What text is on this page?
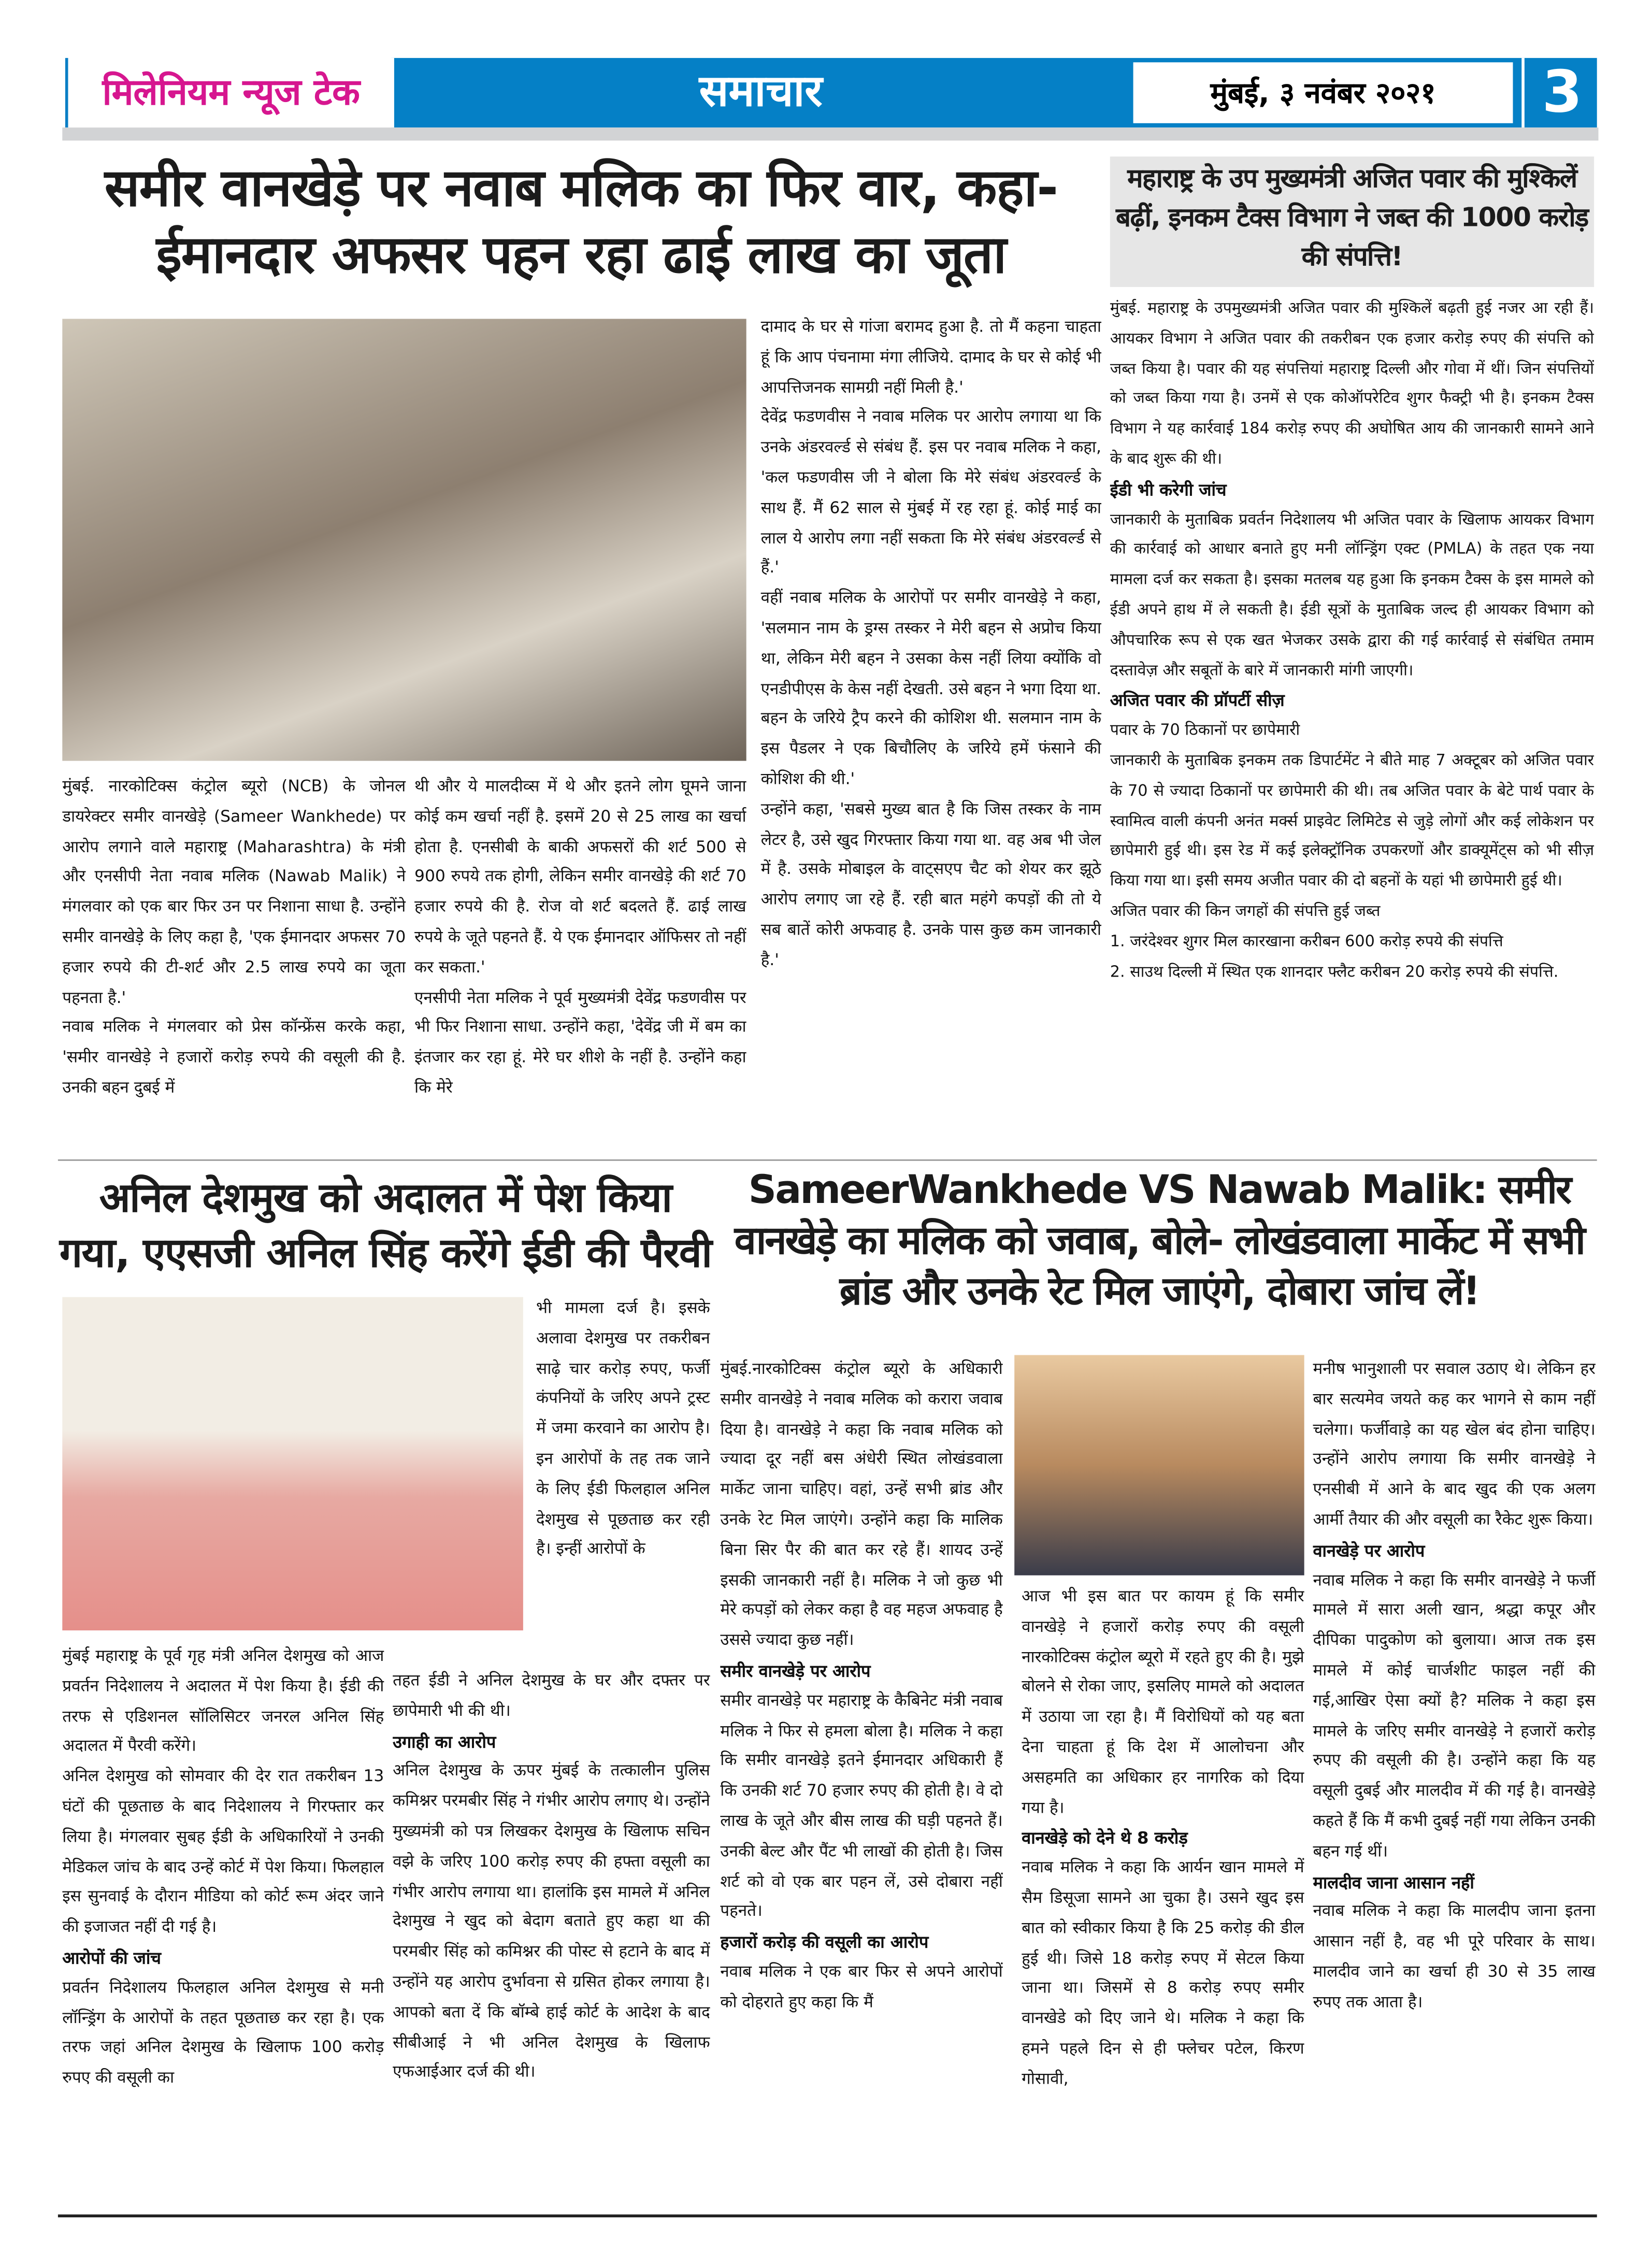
मिलेनियम न्यूज टेक	समाचार	मुंबई, ३ नवंबर २०२१	3

मुंबई. नारकोटिक्स कंट्रोल ब्यूरो (NCB) के जोनल डायरेक्टर समीर वानखेड़े (Sameer Wankhede) पर आरोप लगाने वाले महाराष्ट्र (Maharashtra) के मंत्री और एनसीपी नेता नवाब मलिक (Nawab Malik) ने मंगलवार को एक बार फिर उन पर निशाना साधा है. उन्होंने समीर वानखेड़े के लिए कहा है, 'एक ईमानदार अफसर 70 हजार रुपये की टी-शर्ट और 2.5 लाख रुपये का जूता पहनता है.'

नवाब मलिक ने मंगलवार को प्रेस कॉन्फ्रेंस करके कहा, 'समीर वानखेड़े ने हजारों करोड़ रुपये की वसूली की है. उनकी बहन दुबई में

थी और ये मालदीव्स में थे और इतने लोग घूमने जाना कोई कम खर्चा नहीं है. इसमें 20 से 25 लाख का खर्चा होता है. एनसीबी के बाकी अफसरों की शर्ट 500 से 900 रुपये तक होगी, लेकिन समीर वानखेड़े की शर्ट 70 हजार रुपये की है. रोज वो शर्ट बदलते हैं. ढाई लाख रुपये के जूते पहनते हैं. ये एक ईमानदार ऑफिसर तो नहीं कर सकता.'

एनसीपी नेता मलिक ने पूर्व मुख्यमंत्री देवेंद्र फडणवीस पर भी फिर निशाना साधा. उन्होंने कहा, 'देवेंद्र जी में बम का इंतजार कर रहा हूं. मेरे घर शीशे के नहीं है. उन्होंने कहा कि मेरे

दामाद के घर से गांजा बरामद हुआ है. तो मैं कहना चाहता हूं कि आप पंचनामा मंगा लीजिये. दामाद के घर से कोई भी आपत्तिजनक सामग्री नहीं मिली है.'

देवेंद्र फडणवीस ने नवाब मलिक पर आरोप लगाया था कि उनके अंडरवर्ल्ड से संबंध हैं. इस पर नवाब मलिक ने कहा, 'कल फडणवीस जी ने बोला कि मेरे संबंध अंडरवर्ल्ड के साथ हैं. मैं 62 साल से मुंबई में रह रहा हूं. कोई माई का लाल ये आरोप लगा नहीं सकता कि मेरे संबंध अंडरवर्ल्ड से हैं.'

वहीं नवाब मलिक के आरोपों पर समीर वानखेड़े ने कहा, 'सलमान नाम के ड्रग्स तस्कर ने मेरी बहन से अप्रोच किया था, लेकिन मेरी बहन ने उसका केस नहीं लिया क्योंकि वो एनडीपीएस के केस नहीं देखती. उसे बहन ने भगा दिया था. बहन के जरिये ट्रैप करने की कोशिश थी. सलमान नाम के इस पैडलर ने एक बिचौलिए के जरिये हमें फंसाने की कोशिश की थी.'

उन्होंने कहा, 'सबसे मुख्य बात है कि जिस तस्कर के नाम लेटर है, उसे खुद गिरफ्तार किया गया था. वह अब भी जेल में है. उसके मोबाइल के वाट्सएप चैट को शेयर कर झूठे आरोप लगाए जा रहे हैं. रही बात महंगे कपड़ों की तो ये सब बातें कोरी अफवाह है. उनके पास कुछ कम जानकारी है.'

मुंबई. महाराष्ट्र के उपमुख्यमंत्री अजित पवार की मुश्किलें बढ़ती हुई नजर आ रही हैं। आयकर विभाग ने अजित पवार की तकरीबन एक हजार करोड़ रुपए की संपत्ति को जब्त किया है। पवार की यह संपत्तियां महाराष्ट्र दिल्ली और गोवा में थीं। जिन संपत्तियों को जब्त किया गया है। उनमें से एक कोऑपरेटिव शुगर फैक्ट्री भी है। इनकम टैक्स विभाग ने यह कार्रवाई 184 करोड़ रुपए की अघोषित आय की जानकारी सामने आने के बाद शुरू की थी।

ईडी भी करेगी जांच

जानकारी के मुताबिक प्रवर्तन निदेशालय भी अजित पवार के खिलाफ आयकर विभाग की कार्रवाई को आधार बनाते हुए मनी लॉन्ड्रिंग एक्ट (PMLA) के तहत एक नया मामला दर्ज कर सकता है। इसका मतलब यह हुआ कि इनकम टैक्स के इस मामले को ईडी अपने हाथ में ले सकती है। ईडी सूत्रों के मुताबिक जल्द ही आयकर विभाग को औपचारिक रूप से एक खत भेजकर उसके द्वारा की गई कार्रवाई से संबंधित तमाम दस्तावेज़ और सबूतों के बारे में जानकारी मांगी जाएगी।

अजित पवार की प्रॉपर्टी सीज़

पवार के 70 ठिकानों पर छापेमारी

जानकारी के मुताबिक इनकम तक डिपार्टमेंट ने बीते माह 7 अक्टूबर को अजित पवार के 70 से ज्यादा ठिकानों पर छापेमारी की थी। तब अजित पवार के बेटे पार्थ पवार के स्वामित्व वाली कंपनी अनंत मर्क्स प्राइवेट लिमिटेड से जुड़े लोगों और कई लोकेशन पर छापेमारी हुई थी। इस रेड में कई इलेक्ट्रॉनिक उपकरणों और डाक्यूमेंट्स को भी सीज़ किया गया था। इसी समय अजीत पवार की दो बहनों के यहां भी छापेमारी हुई थी।

अजित पवार की किन जगहों की संपत्ति हुई जब्त

1. जरंदेश्वर शुगर मिल कारखाना करीबन 600 करोड़ रुपये की संपत्ति

2. साउथ दिल्ली में स्थित एक शानदार फ्लैट करीबन 20 करोड़ रुपये की संपत्ति.

भी मामला दर्ज है। इसके अलावा देशमुख पर तकरीबन साढ़े चार करोड़ रुपए, फर्जी कंपनियों के जरिए अपने ट्रस्ट में जमा करवाने का आरोप है। इन आरोपों के तह तक जाने के लिए ईडी फिलहाल अनिल देशमुख से पूछताछ कर रही है। इन्हीं आरोपों के

मुंबई महाराष्ट्र के पूर्व गृह मंत्री अनिल देशमुख को आज प्रवर्तन निदेशालय ने अदालत में पेश किया है। ईडी की तरफ से एडिशनल सॉलिसिटर जनरल अनिल सिंह अदालत में पैरवी करेंगे।

अनिल देशमुख को सोमवार की देर रात तकरीबन 13 घंटों की पूछताछ के बाद निदेशालय ने गिरफ्तार कर लिया है। मंगलवार सुबह ईडी के अधिकारियों ने उनकी मेडिकल जांच के बाद उन्हें कोर्ट में पेश किया। फिलहाल इस सुनवाई के दौरान मीडिया को कोर्ट रूम अंदर जाने की इजाजत नहीं दी गई है।

आरोपों की जांच

प्रवर्तन निदेशालय फिलहाल अनिल देशमुख से मनी लॉन्ड्रिंग के आरोपों के तहत पूछताछ कर रहा है। एक तरफ जहां अनिल देशमुख के खिलाफ 100 करोड़ रुपए की वसूली का

तहत ईडी ने अनिल देशमुख के घर और दफ्तर पर छापेमारी भी की थी।

उगाही का आरोप

अनिल देशमुख के ऊपर मुंबई के तत्कालीन पुलिस कमिश्नर परमबीर सिंह ने गंभीर आरोप लगाए थे। उन्होंने मुख्यमंत्री को पत्र लिखकर देशमुख के खिलाफ सचिन वझे के जरिए 100 करोड़ रुपए की हफ्ता वसूली का गंभीर आरोप लगाया था। हालांकि इस मामले में अनिल देशमुख ने खुद को बेदाग बताते हुए कहा था की परमबीर सिंह को कमिश्नर की पोस्ट से हटाने के बाद में उन्होंने यह आरोप दुर्भावना से ग्रसित होकर लगाया है। आपको बता दें कि बॉम्बे हाई कोर्ट के आदेश के बाद सीबीआई ने भी अनिल देशमुख के खिलाफ एफआईआर दर्ज की थी।

मुंबई.नारकोटिक्स कंट्रोल ब्यूरो के अधिकारी समीर वानखेड़े ने नवाब मलिक को करारा जवाब दिया है। वानखेड़े ने कहा कि नवाब मलिक को ज्यादा दूर नहीं बस अंधेरी स्थित लोखंडवाला मार्केट जाना चाहिए। वहां, उन्हें सभी ब्रांड और उनके रेट मिल जाएंगे। उन्होंने कहा कि मालिक बिना सिर पैर की बात कर रहे हैं। शायद उन्हें इसकी जानकारी नहीं है। मलिक ने जो कुछ भी मेरे कपड़ों को लेकर कहा है वह महज अफवाह है उससे ज्यादा कुछ नहीं।

समीर वानखेड़े पर आरोप

समीर वानखेड़े पर महाराष्ट्र के कैबिनेट मंत्री नवाब मलिक ने फिर से हमला बोला है। मलिक ने कहा कि समीर वानखेड़े इतने ईमानदार अधिकारी हैं कि उनकी शर्ट 70 हजार रुपए की होती है। वे दो लाख के जूते और बीस लाख की घड़ी पहनते हैं। उनकी बेल्ट और पैंट भी लाखों की होती है। जिस शर्ट को वो एक बार पहन लें, उसे दोबारा नहीं पहनते।

हजारों करोड़ की वसूली का आरोप

नवाब मलिक ने एक बार फिर से अपने आरोपों को दोहराते हुए कहा कि मैं

आज भी इस बात पर कायम हूं कि समीर वानखेड़े ने हजारों करोड़ रुपए की वसूली नारकोटिक्स कंट्रोल ब्यूरो में रहते हुए की है। मुझे बोलने से रोका जाए, इसलिए मामले को अदालत में उठाया जा रहा है। मैं विरोधियों को यह बता देना चाहता हूं कि देश में आलोचना और असहमति का अधिकार हर नागरिक को दिया गया है।

वानखेड़े को देने थे 8 करोड़

नवाब मलिक ने कहा कि आर्यन खान मामले में सैम डिसूजा सामने आ चुका है। उसने खुद इस बात को स्वीकार किया है कि 25 करोड़ की डील हुई थी। जिसे 18 करोड़ रुपए में सेटल किया जाना था। जिसमें से 8 करोड़ रुपए समीर वानखेडे को दिए जाने थे। मलिक ने कहा कि हमने पहले दिन से ही फ्लेचर पटेल, किरण गोसावी,

मनीष भानुशाली पर सवाल उठाए थे। लेकिन हर बार सत्यमेव जयते कह कर भागने से काम नहीं चलेगा। फर्जीवाड़े का यह खेल बंद होना चाहिए। उन्होंने आरोप लगाया कि समीर वानखेड़े ने एनसीबी में आने के बाद खुद की एक अलग आर्मी तैयार की और वसूली का रैकेट शुरू किया।

वानखेड़े पर आरोप

नवाब मलिक ने कहा कि समीर वानखेड़े ने फर्जी मामले में सारा अली खान, श्रद्धा कपूर और दीपिका पादुकोण को बुलाया। आज तक इस मामले में कोई चार्जशीट फाइल नहीं की गई,आखिर ऐसा क्यों है? मलिक ने कहा इस मामले के जरिए समीर वानखेड़े ने हजारों करोड़ रुपए की वसूली की है। उन्होंने कहा कि यह वसूली दुबई और मालदीव में की गई है। वानखेड़े कहते हैं कि मैं कभी दुबई नहीं गया लेकिन उनकी बहन गई थीं।

मालदीव जाना आसान नहीं

नवाब मलिक ने कहा कि मालदीप जाना इतना आसान नहीं है, वह भी पूरे परिवार के साथ। मालदीव जाने का खर्चा ही 30 से 35 लाख रुपए तक आता है।

समीर वानखेड़े पर नवाब मलिक का फिर वार, कहा- ईमानदार अफसर पहन रहा ढाई लाख का जूता
महाराष्ट्र के उप मुख्यमंत्री अजित पवार की मुश्किलें बढ़ीं, इनकम टैक्स विभाग ने जब्त की 1000 करोड़ की संपत्ति!
अनिल देशमुख को अदालत में पेश किया गया, एएसजी अनिल सिंह करेंगे ईडी की पैरवी
SameerWankhede VS Nawab Malik: समीर वानखेड़े का मलिक को जवाब, बोले- लोखंडवाला मार्केट में सभी ब्रांड और उनके रेट मिल जाएंगे, दोबारा जांच लें!
